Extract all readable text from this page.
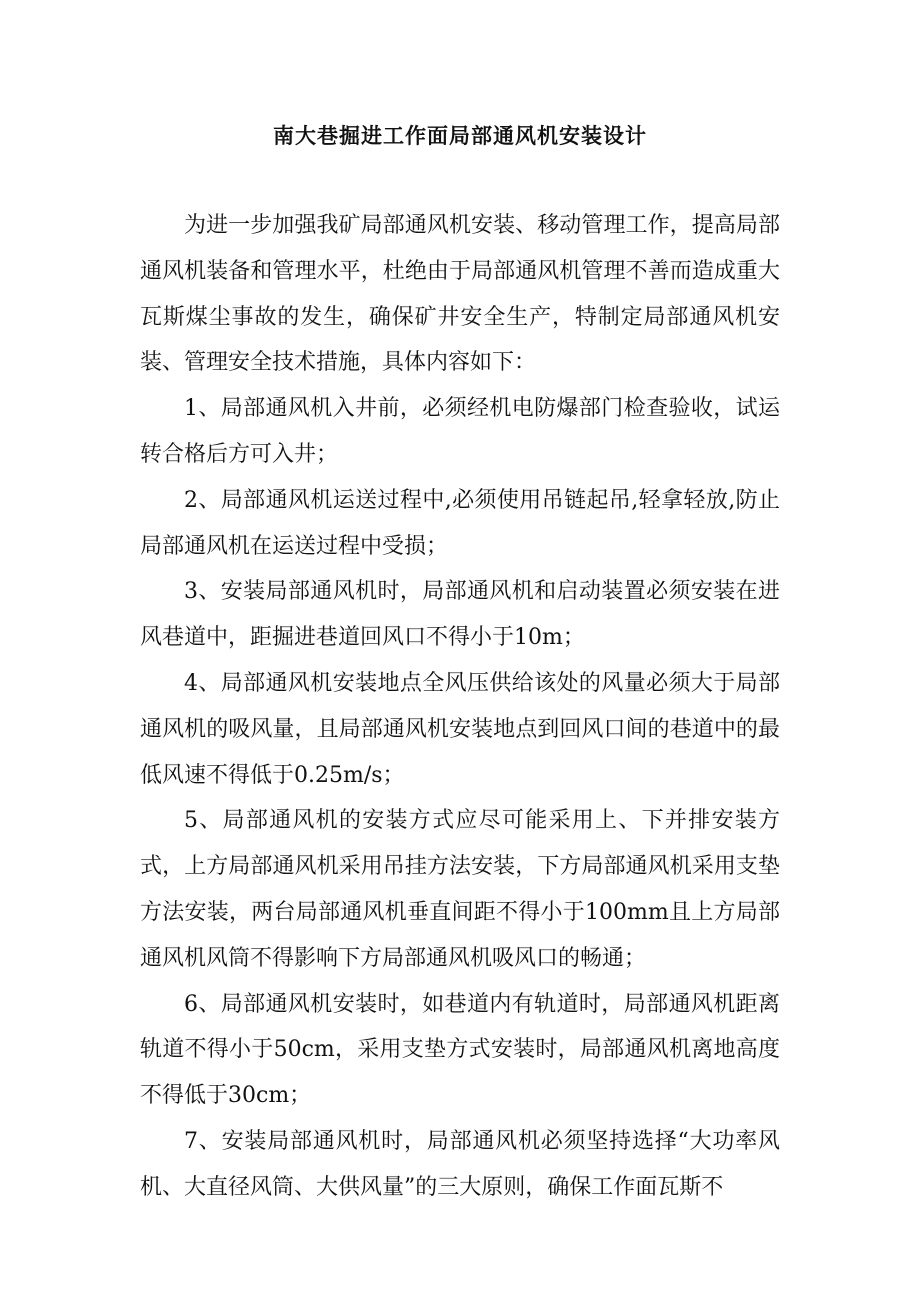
南大巷掘进工作面局部通风机安装设计

为进一步加强我矿局部通风机安装、移动管理工作，提高局部通风机装备和管理水平，杜绝由于局部通风机管理不善而造成重大瓦斯煤尘事故的发生，确保矿井安全生产，特制定局部通风机安装、管理安全技术措施，具体内容如下：

1、局部通风机入井前，必须经机电防爆部门检查验收，试运转合格后方可入井；

2、局部通风机运送过程中,必须使用吊链起吊,轻拿轻放,防止局部通风机在运送过程中受损；

3、安装局部通风机时，局部通风机和启动装置必须安装在进风巷道中，距掘进巷道回风口不得小于10m；

4、局部通风机安装地点全风压供给该处的风量必须大于局部通风机的吸风量，且局部通风机安装地点到回风口间的巷道中的最低风速不得低于0.25m/s；

5、局部通风机的安装方式应尽可能采用上、下并排安装方式，上方局部通风机采用吊挂方法安装，下方局部通风机采用支垫方法安装，两台局部通风机垂直间距不得小于100mm且上方局部通风机风筒不得影响下方局部通风机吸风口的畅通；

6、局部通风机安装时，如巷道内有轨道时，局部通风机距离轨道不得小于50cm，采用支垫方式安装时，局部通风机离地高度不得低于30cm；

7、安装局部通风机时，局部通风机必须坚持选择“大功率风机、大直径风筒、大供风量”的三大原则，确保工作面瓦斯不
